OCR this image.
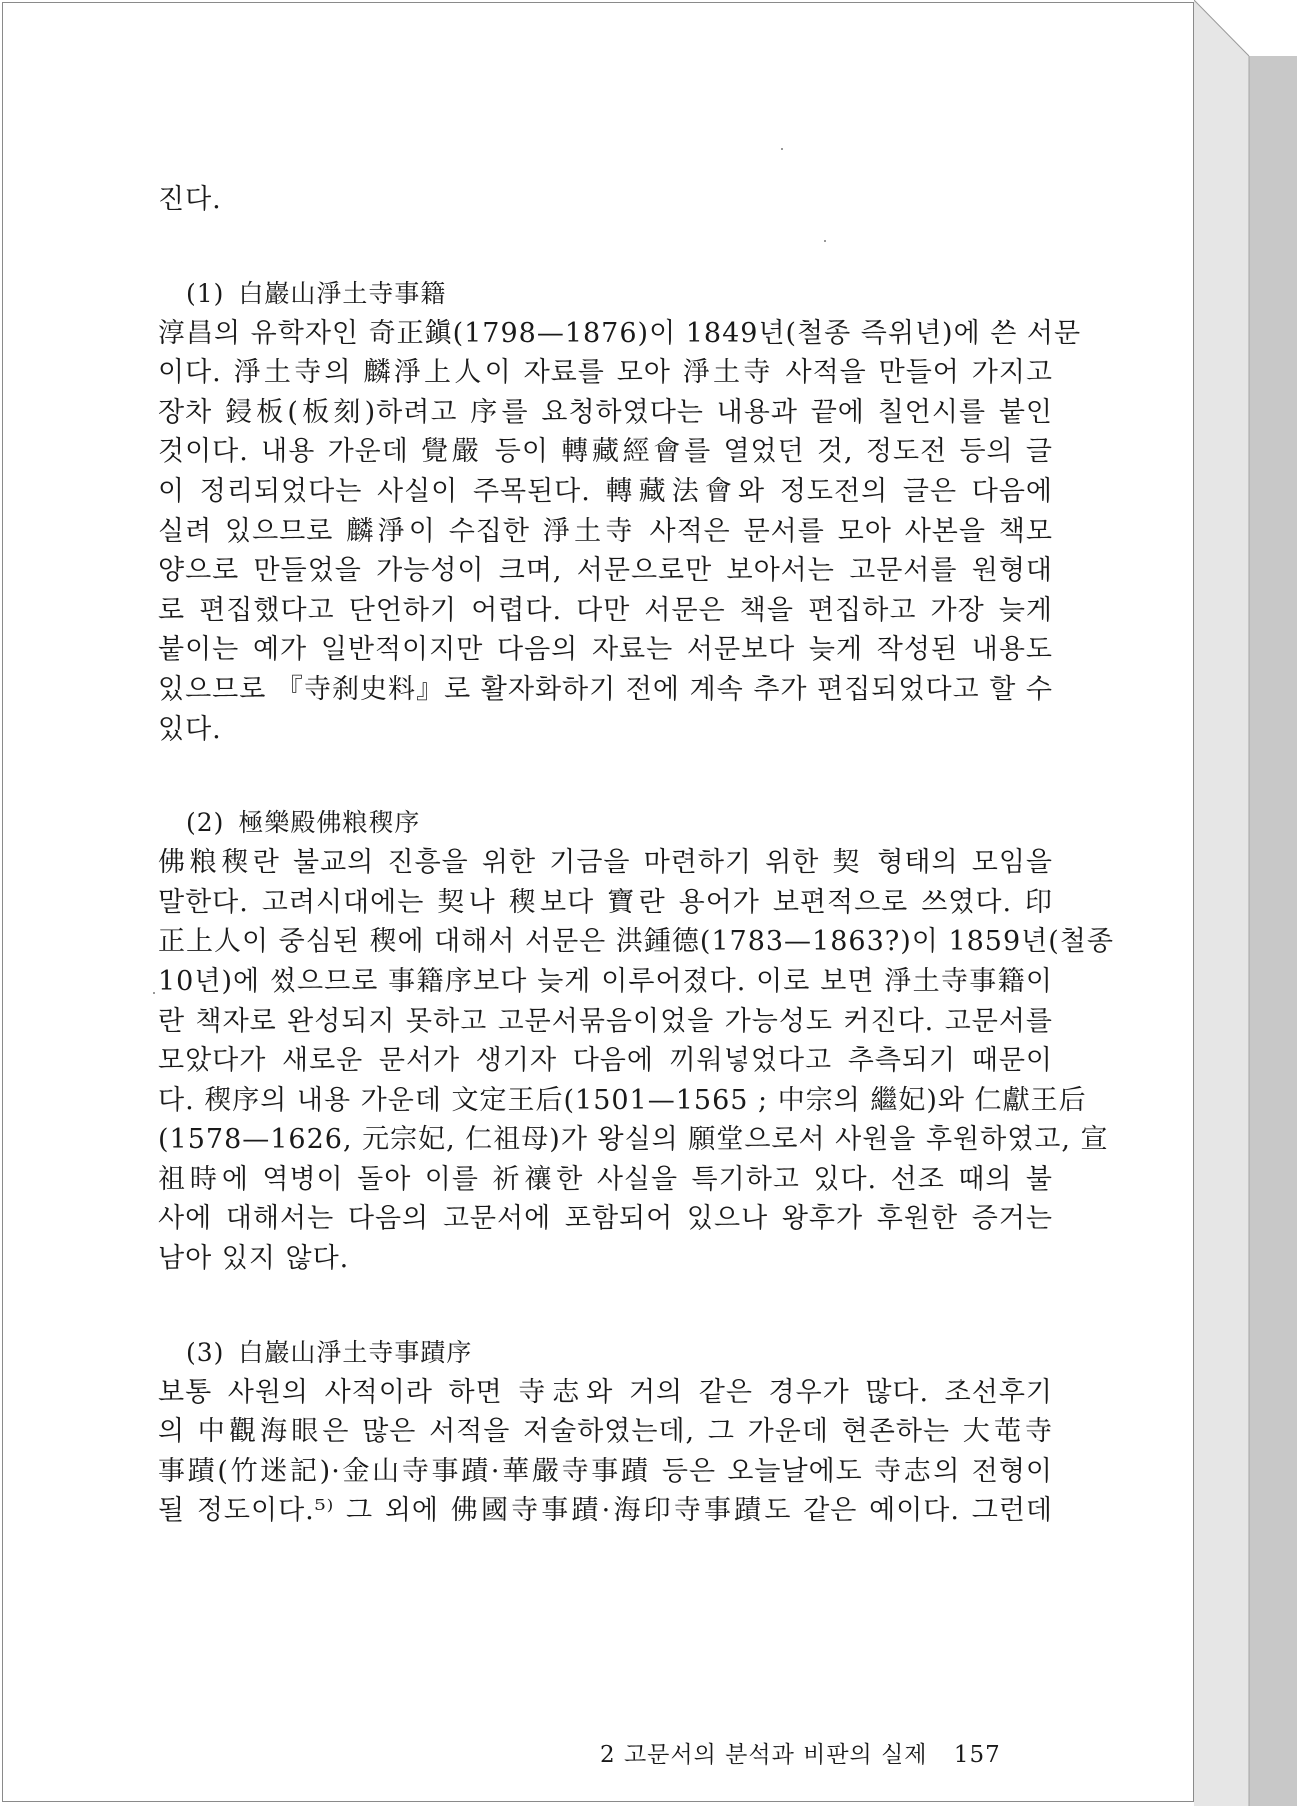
진다.

(1) 白巖山淨土寺事籍

淳昌의 유학자인 奇正鎭(1798—1876)이 1849년(철종 즉위년)에 쓴 서문
이다. 淨土寺의 麟淨上人이 자료를 모아 淨土寺 사적을 만들어 가지고
장차 鋟板(板刻)하려고 序를 요청하였다는 내용과 끝에 칠언시를 붙인
것이다. 내용 가운데 覺嚴 등이 轉藏經會를 열었던 것, 정도전 등의 글
이 정리되었다는 사실이 주목된다. 轉藏法會와 정도전의 글은 다음에
실려 있으므로 麟淨이 수집한 淨土寺 사적은 문서를 모아 사본을 책모
양으로 만들었을 가능성이 크며, 서문으로만 보아서는 고문서를 원형대
로 편집했다고 단언하기 어렵다. 다만 서문은 책을 편집하고 가장 늦게
붙이는 예가 일반적이지만 다음의 자료는 서문보다 늦게 작성된 내용도
있으므로 『寺刹史料』로 활자화하기 전에 계속 추가 편집되었다고 할 수
있다.

(2) 極樂殿佛粮稧序

佛粮稧란 불교의 진흥을 위한 기금을 마련하기 위한 契 형태의 모임을
말한다. 고려시대에는 契나 稧보다 寶란 용어가 보편적으로 쓰였다. 印
正上人이 중심된 稧에 대해서 서문은 洪鍾德(1783—1863?)이 1859년(철종
10년)에 썼으므로 事籍序보다 늦게 이루어졌다. 이로 보면 淨土寺事籍이
란 책자로 완성되지 못하고 고문서묶음이었을 가능성도 커진다. 고문서를
모았다가 새로운 문서가 생기자 다음에 끼워넣었다고 추측되기 때문이
다. 稧序의 내용 가운데 文定王后(1501—1565 ; 中宗의 繼妃)와 仁獻王后
(1578—1626, 元宗妃, 仁祖母)가 왕실의 願堂으로서 사원을 후원하였고, 宣
祖時에 역병이 돌아 이를 祈禳한 사실을 특기하고 있다. 선조 때의 불
사에 대해서는 다음의 고문서에 포함되어 있으나 왕후가 후원한 증거는
남아 있지 않다.

(3) 白巖山淨土寺事蹟序

보통 사원의 사적이라 하면 寺志와 거의 같은 경우가 많다. 조선후기
의 中觀海眼은 많은 서적을 저술하였는데, 그 가운데 현존하는 大芚寺
事蹟(竹迷記)·金山寺事蹟·華嚴寺事蹟 등은 오늘날에도 寺志의 전형이
될 정도이다.⁵⁾ 그 외에 佛國寺事蹟·海印寺事蹟도 같은 예이다. 그런데

2 고문서의 분석과 비판의 실제 157
